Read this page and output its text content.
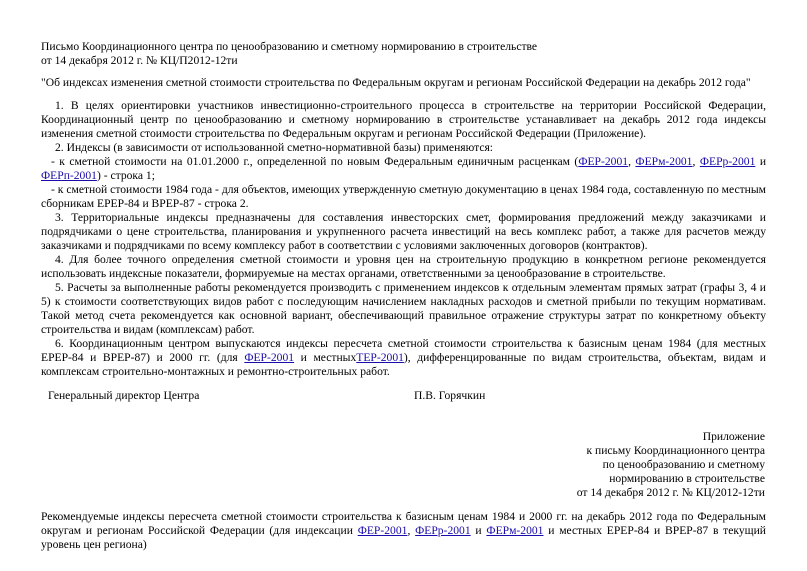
Письмо Координационного центра по ценообразованию и сметному нормированию в строительстве
от 14 декабря 2012 г. № КЦ/П2012-12ти
"Об индексах изменения сметной стоимости строительства по Федеральным округам и регионам Российской Федерации на декабрь 2012 года"

1. В целях ориентировки участников инвестиционно-строительного процесса в строительстве на территории Российской Федерации, Координационный центр по ценообразованию и сметному нормированию в строительстве устанавливает на декабрь 2012 года индексы изменения сметной стоимости строительства по Федеральным округам и регионам Российской Федерации (Приложение).

2. Индексы (в зависимости от использованной сметно-нормативной базы) применяются:

- к сметной стоимости на 01.01.2000 г., определенной по новым Федеральным единичным расценкам (ФЕР-2001, ФЕРм-2001, ФЕРр-2001 и ФЕРп-2001) - строка 1;

- к сметной стоимости 1984 года - для объектов, имеющих утвержденную сметную документацию в ценах 1984 года, составленную по местным сборникам ЕРЕР-84 и ВРЕР-87 - строка 2.

3. Территориальные индексы предназначены для составления инвесторских смет, формирования предложений между заказчиками и подрядчиками о цене строительства, планирования и укрупненного расчета инвестиций на весь комплекс работ, а также для расчетов между заказчиками и подрядчиками по всему комплексу работ в соответствии с условиями заключенных договоров (контрактов).

4. Для более точного определения сметной стоимости и уровня цен на строительную продукцию в конкретном регионе рекомендуется использовать индексные показатели, формируемые на местах органами, ответственными за ценообразование в строительстве.

5. Расчеты за выполненные работы рекомендуется производить с применением индексов к отдельным элементам прямых затрат (графы 3, 4 и 5) к стоимости соответствующих видов работ с последующим начислением накладных расходов и сметной прибыли по текущим нормативам. Такой метод счета рекомендуется как основной вариант, обеспечивающий правильное отражение структуры затрат по конкретному объекту строительства и видам (комплексам) работ.

6. Координационным центром выпускаются индексы пересчета сметной стоимости строительства к базисным ценам 1984 (для местных ЕРЕР-84 и ВРЕР-87) и 2000 гг. (для ФЕР-2001 и местныхТЕР-2001), дифференцированные по видам строительства, объектам, видам и комплексам строительно-монтажных и ремонтно-строительных работ.

Генеральный директор Центра	П.В. Горячкин
Приложение
к письму Координационного центра
по ценообразованию и сметному
нормированию в строительстве
от 14 декабря 2012 г. № КЦ/2012-12ти
Рекомендуемые индексы пересчета сметной стоимости строительства к базисным ценам 1984 и 2000 гг. на декабрь 2012 года по Федеральным округам и регионам Российской Федерации (для индексации ФЕР-2001, ФЕРр-2001 и ФЕРм-2001 и местных ЕРЕР-84 и ВРЕР-87 в текущий уровень цен региона)
